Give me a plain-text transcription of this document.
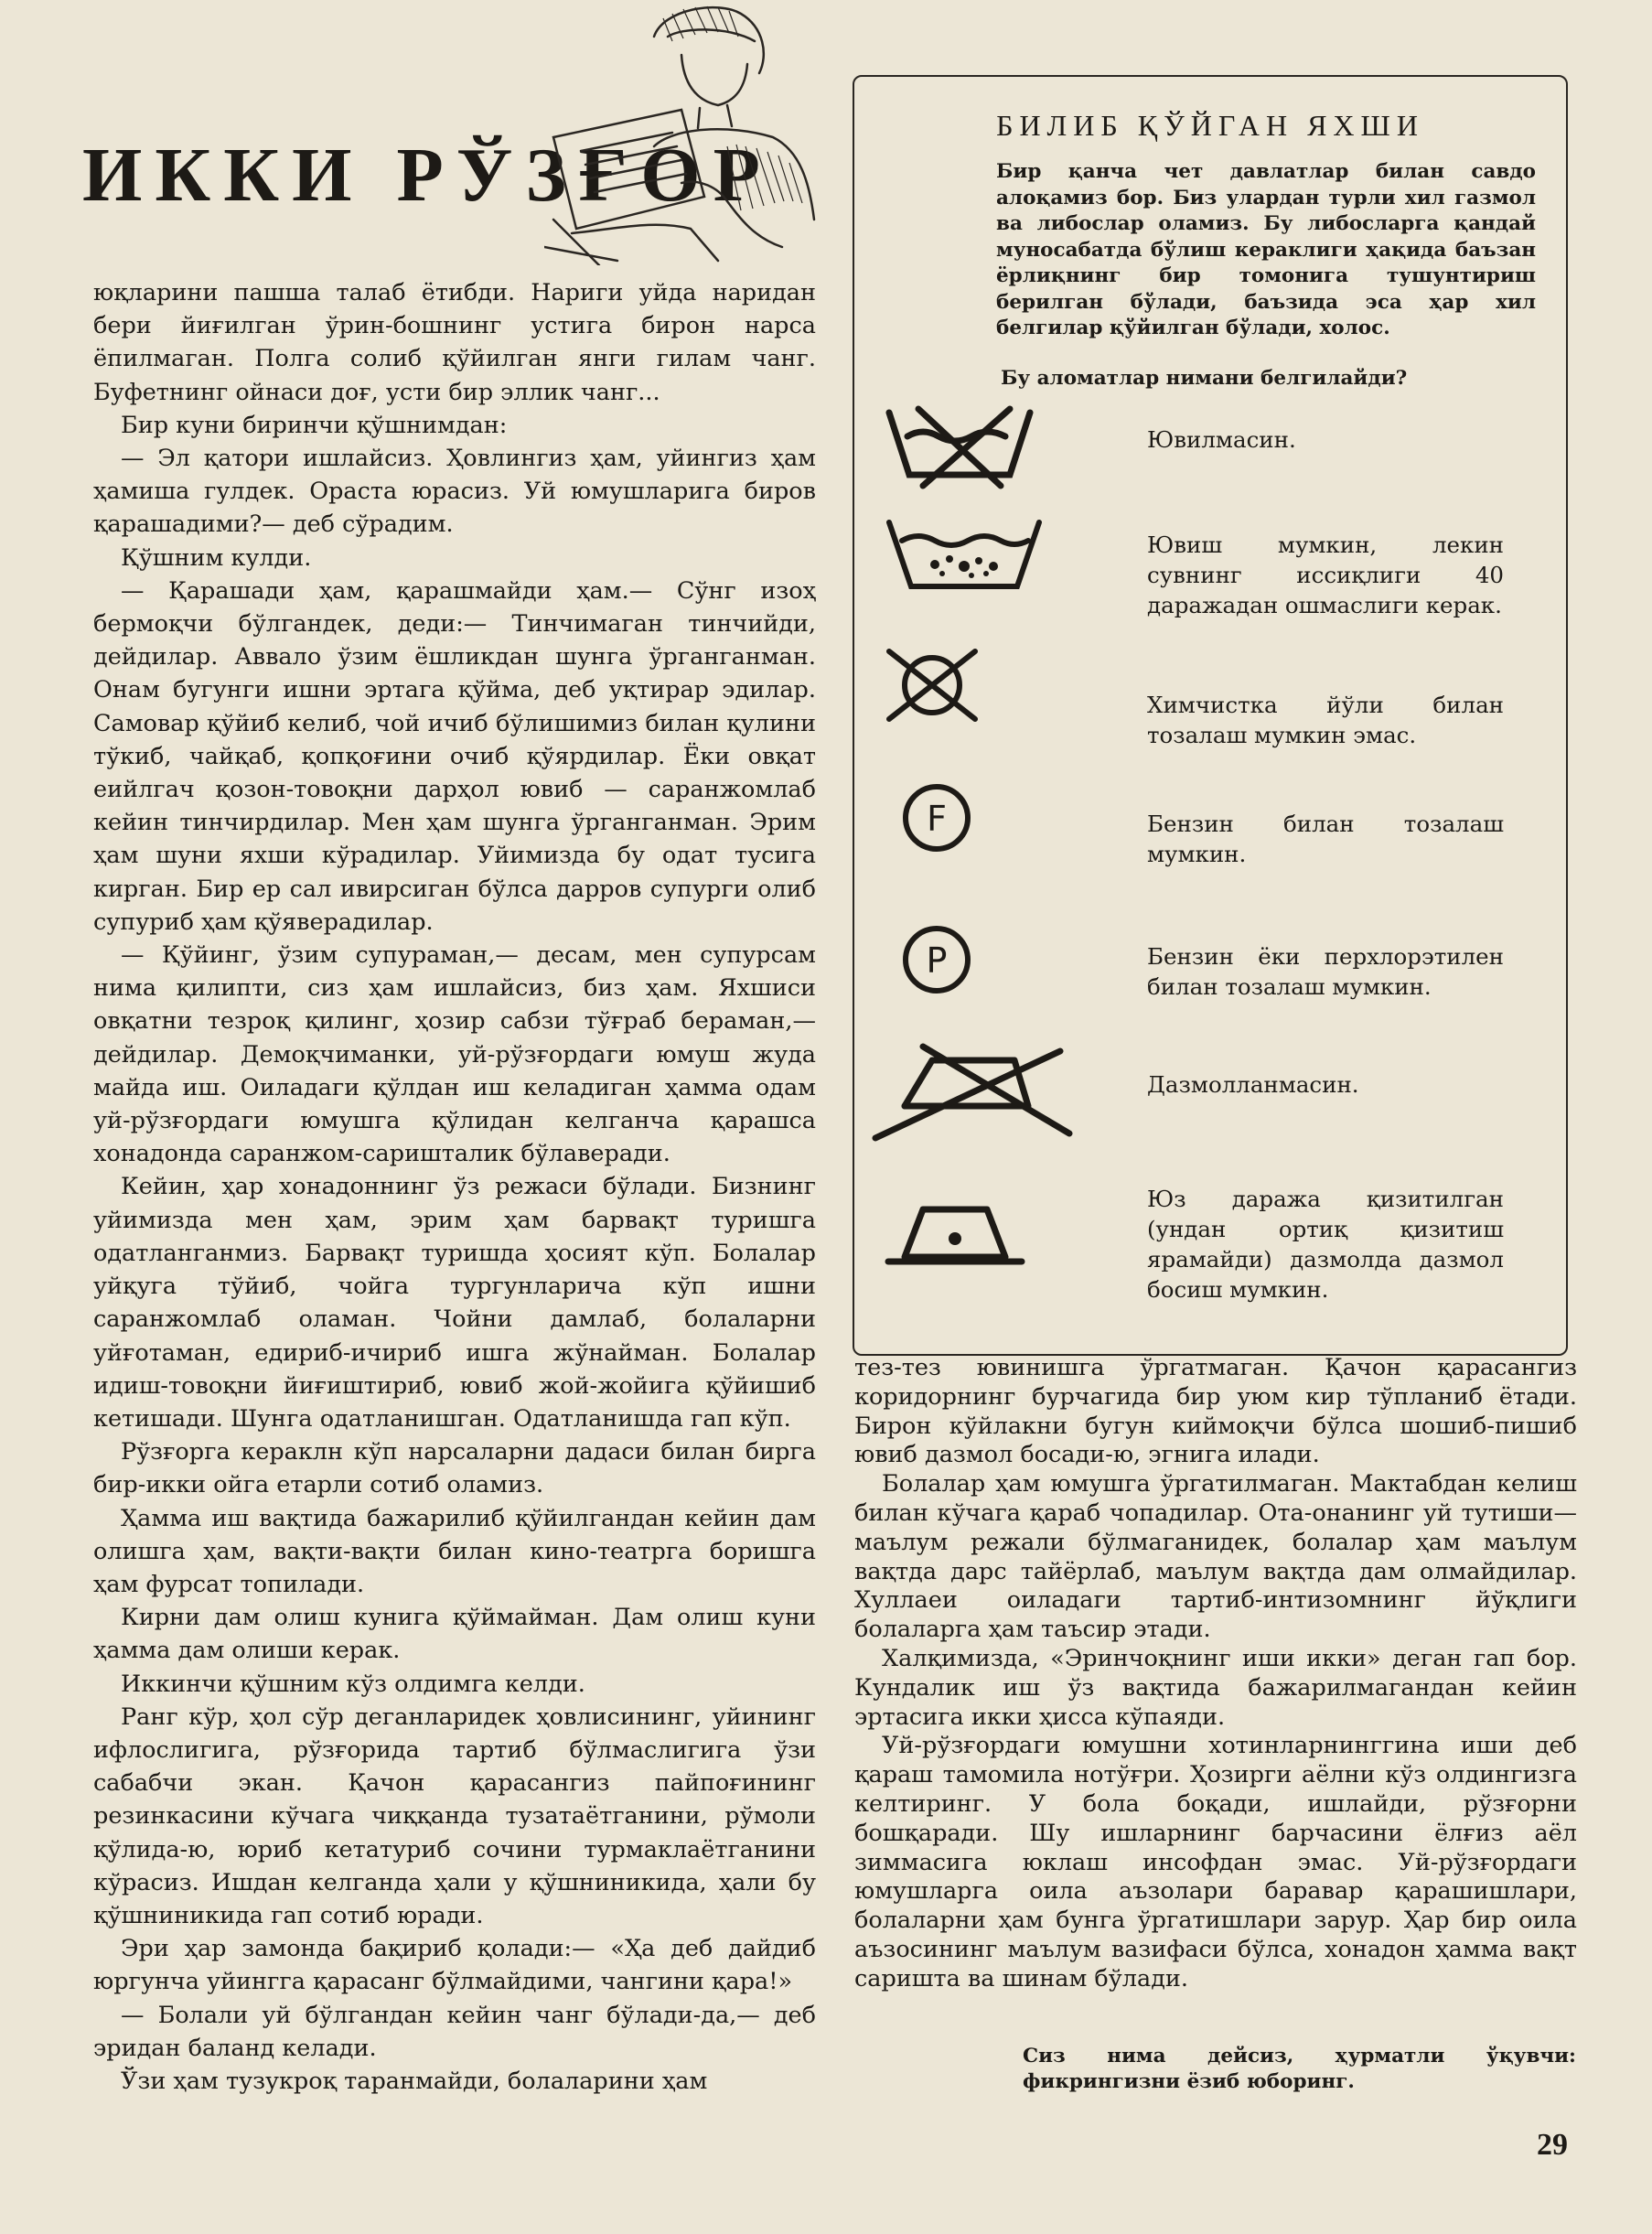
ИККИ РЎЗҒОР

юқларини пашша талаб ётибди. Нариги уйда наридан бери йиғилган ўрин-бошнинг устига бирон нарса ёпилмаган. Полга солиб қўйилган янги гилам чанг. Буфетнинг ойнаси доғ, усти бир эллик чанг...

Бир куни биринчи қўшнимдан:

— Эл қатори ишлайсиз. Ҳовлингиз ҳам, уйингиз ҳам ҳамиша гулдек. Ораста юрасиз. Уй юмушларига биров қарашадими?— деб сўрадим.

Қўшним кулди.

— Қарашади ҳам, қарашмайди ҳам.— Сўнг изоҳ бермоқчи бўлгандек, деди:— Тинчимаган тинчийди, дейдилар. Аввало ўзим ёшликдан шунга ўрганганман. Онам бугунги ишни эртага қўйма, деб уқтирар эдилар. Самовар қўйиб келиб, чой ичиб бўлишимиз билан қулини тўкиб, чайқаб, қопқоғини очиб қўярдилар. Ёки овқат еийлгач қозон-товоқни дарҳол ювиб — саранжомлаб кейин тинчирдилар. Мен ҳам шунга ўрганганман. Эрим ҳам шуни яхши кўрадилар. Уйимизда бу одат тусига кирган. Бир ер сал ивирсиган бўлса дарров супурги олиб супуриб ҳам қўяверадилар.

— Қўйинг, ўзим супураман,— десам, мен супурсам нима қилипти, сиз ҳам ишлайсиз, биз ҳам. Яхшиси овқатни тезроқ қилинг, ҳозир сабзи тўғраб бераман,— дейдилар. Демоқчиманки, уй-рўзғордаги юмуш жуда майда иш. Оиладаги қўлдан иш келадиган ҳамма одам уй-рўзғордаги юмушга қўлидан келганча қарашса хонадонда саранжом-саришталик бўлаверади.

Кейин, ҳар хонадоннинг ўз режаси бўлади. Бизнинг уйимизда мен ҳам, эрим ҳам барвақт туришга одатланганмиз. Барвақт туришда ҳосият кўп. Болалар уйқуга тўйиб, чойга тургунларича кўп ишни саранжомлаб оламан. Чойни дамлаб, болаларни уйғотаман, едириб-ичириб ишга жўнайман. Болалар идиш-товоқни йиғиштириб, ювиб жой-жойига қўйишиб кетишади. Шунга одатланишган. Одатланишда гап кўп.

Рўзғорга кераклн кўп нарсаларни дадаси билан бирга бир-икки ойга етарли сотиб оламиз.

Ҳамма иш вақтида бажарилиб қўйилгандан кейин дам олишга ҳам, вақти-вақти билан кино-театрга боришга ҳам фурсат топилади.

Кирни дам олиш кунига қўймайман. Дам олиш куни ҳамма дам олиши керак.

Иккинчи қўшним кўз олдимга келди.

Ранг кўр, ҳол сўр деганларидек ҳовлисининг, уйининг ифлослигига, рўзғорида тартиб бўлмаслигига ўзи сабабчи экан. Қачон қарасангиз пайпоғининг резинкасини кўчага чиққанда тузатаётганини, рўмоли қўлида-ю, юриб кетатуриб сочини турмаклаётганини кўрасиз. Ишдан келганда ҳали у қўшниникида, ҳали бу қўшниникида гап сотиб юради.

Эри ҳар замонда бақириб қолади:— «Ҳа деб дайдиб юргунча уйингга қарасанг бўлмайдими, чангини қара!»

— Болали уй бўлгандан кейин чанг бўлади-да,— деб эридан баланд келади.

Ўзи ҳам тузукроқ таранмайди, болаларини ҳам

БИЛИБ ҚЎЙГАН ЯХШИ
Бир қанча чет давлатлар билан савдо алоқамиз бор. Биз улардан турли хил газмол ва либослар оламиз. Бу либосларга қандай муносабатда бўлиш кераклиги ҳақида баъзан ёрлиқнинг бир томонига тушунтириш берилган бўлади, баъзида эса ҳар хил белгилар қўйилган бўлади, холос.
Бу аломатлар нимани белгилайди?
Ювилмасин.
Ювиш мумкин, лекин сувнинг иссиқлиги 40 даражадан ошмаслиги керак.
Химчистка йўли билан тозалаш мумкин эмас.
F	Бензин билан тозалаш мумкин.
P	Бензин ёки перхлорэтилен билан тозалаш мумкин.
Дазмолланмасин.
Юз даража қизитилган (ундан ортиқ қизитиш ярамайди) дазмолда дазмол босиш мумкин.

тез-тез ювинишга ўргатмаган. Қачон қарасангиз коридорнинг бурчагида бир уюм кир тўпланиб ётади. Бирон кўйлакни бугун киймоқчи бўлса шошиб-пишиб ювиб дазмол босади-ю, эгнига илади.

Болалар ҳам юмушга ўргатилмаган. Мактабдан келиш билан кўчага қараб чопадилар. Ота-онанинг уй тутиши—маълум режали бўлмаганидек, болалар ҳам маълум вақтда дарс тайёрлаб, маълум вақтда дам олмайдилар. Хуллаеи оиладаги тартиб-интизомнинг йўқлиги болаларга ҳам таъсир этади.

Халқимизда, «Эринчоқнинг иши икки» деган гап бор. Кундалик иш ўз вақтида бажарилмагандан кейин эртасига икки ҳисса кўпаяди.

Уй-рўзғордаги юмушни хотинларнинггина иши деб қараш тамомила нотўғри. Ҳозирги аёлни кўз олдингизга келтиринг. У бола боқади, ишлайди, рўзғорни бошқаради. Шу ишларнинг барчасини ёлғиз аёл зиммасига юклаш инсофдан эмас. Уй-рўзғордаги юмушларга оила аъзолари баравар қарашишлари, болаларни ҳам бунга ўргатишлари зарур. Ҳар бир оила аъзосининг маълум вазифаси бўлса, хонадон ҳамма вақт саришта ва шинам бўлади.

Сиз нима дейсиз, ҳурматли ўқувчи: фикрингизни ёзиб юборинг.
29
